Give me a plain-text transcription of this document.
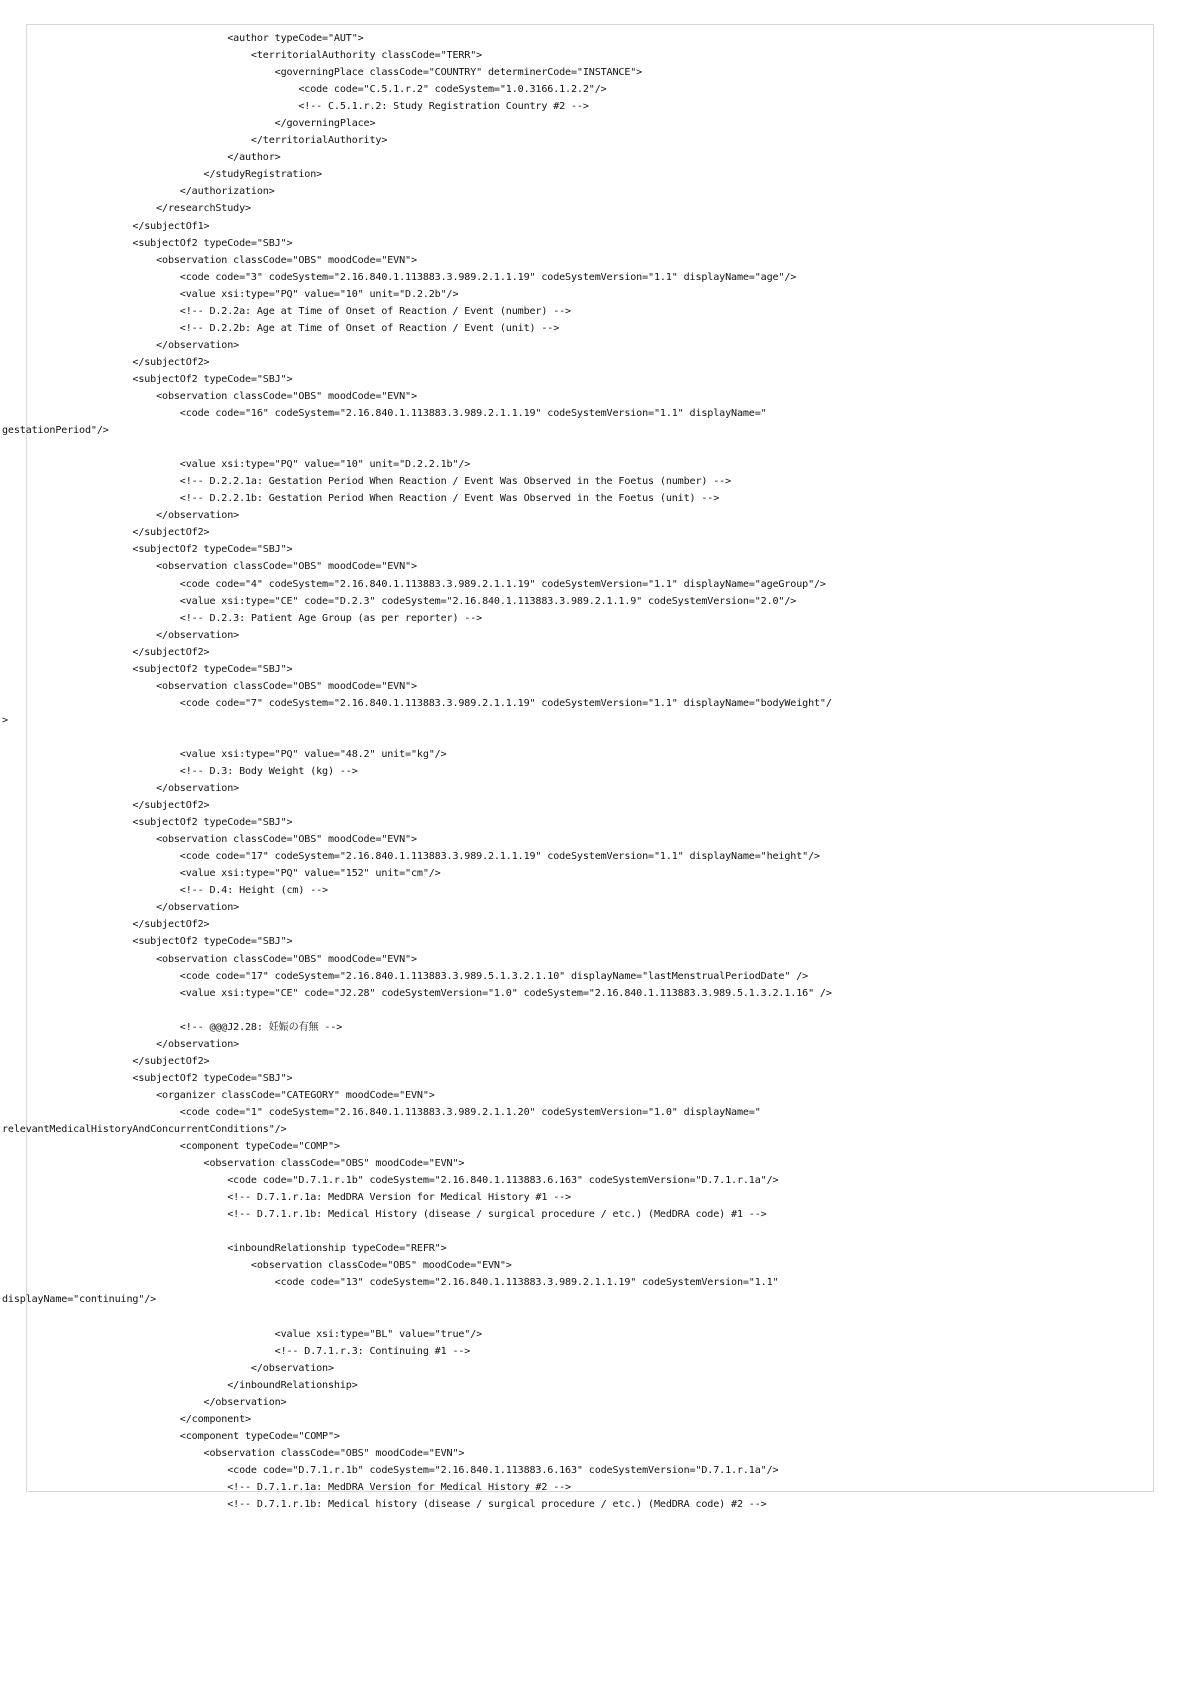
<author typeCode="AUT">
<territorialAuthority classCode="TERR">
<governingPlace classCode="COUNTRY" determinerCode="INSTANCE">
<code code="C.5.1.r.2" codeSystem="1.0.3166.1.2.2"/>
<!-- C.5.1.r.2: Study Registration Country #2 -->
</governingPlace>
</territorialAuthority>
</author>
</studyRegistration>
</authorization>
</researchStudy>
</subjectOf1>
<subjectOf2 typeCode="SBJ">
<observation classCode="OBS" moodCode="EVN">
<code code="3" codeSystem="2.16.840.1.113883.3.989.2.1.1.19" codeSystemVersion="1.1" displayName="age"/>
<value xsi:type="PQ" value="10" unit="D.2.2b"/>
<!-- D.2.2a: Age at Time of Onset of Reaction / Event (number) -->
<!-- D.2.2b: Age at Time of Onset of Reaction / Event (unit) -->
</observation>
</subjectOf2>
<subjectOf2 typeCode="SBJ">
<observation classCode="OBS" moodCode="EVN">
<code code="16" codeSystem="2.16.840.1.113883.3.989.2.1.1.19" codeSystemVersion="1.1" displayName="
gestationPeriod"/>

<value xsi:type="PQ" value="10" unit="D.2.2.1b"/>
<!-- D.2.2.1a: Gestation Period When Reaction / Event Was Observed in the Foetus (number) -->
<!-- D.2.2.1b: Gestation Period When Reaction / Event Was Observed in the Foetus (unit) -->
</observation>
</subjectOf2>
<subjectOf2 typeCode="SBJ">
<observation classCode="OBS" moodCode="EVN">
<code code="4" codeSystem="2.16.840.1.113883.3.989.2.1.1.19" codeSystemVersion="1.1" displayName="ageGroup"/>
<value xsi:type="CE" code="D.2.3" codeSystem="2.16.840.1.113883.3.989.2.1.1.9" codeSystemVersion="2.0"/>
<!-- D.2.3: Patient Age Group (as per reporter) -->
</observation>
</subjectOf2>
<subjectOf2 typeCode="SBJ">
<observation classCode="OBS" moodCode="EVN">
<code code="7" codeSystem="2.16.840.1.113883.3.989.2.1.1.19" codeSystemVersion="1.1" displayName="bodyWeight"/
>

<value xsi:type="PQ" value="48.2" unit="kg"/>
<!-- D.3: Body Weight (kg) -->
</observation>
</subjectOf2>
<subjectOf2 typeCode="SBJ">
<observation classCode="OBS" moodCode="EVN">
<code code="17" codeSystem="2.16.840.1.113883.3.989.2.1.1.19" codeSystemVersion="1.1" displayName="height"/>
<value xsi:type="PQ" value="152" unit="cm"/>
<!-- D.4: Height (cm) -->
</observation>
</subjectOf2>
<subjectOf2 typeCode="SBJ">
<observation classCode="OBS" moodCode="EVN">
<code code="17" codeSystem="2.16.840.1.113883.3.989.5.1.3.2.1.10" displayName="lastMenstrualPeriodDate" />
<value xsi:type="CE" code="J2.28" codeSystemVersion="1.0" codeSystem="2.16.840.1.113883.3.989.5.1.3.2.1.16" />

<!-- @@@J2.28: 妊娠の有無 -->
</observation>
</subjectOf2>
<subjectOf2 typeCode="SBJ">
<organizer classCode="CATEGORY" moodCode="EVN">
<code code="1" codeSystem="2.16.840.1.113883.3.989.2.1.1.20" codeSystemVersion="1.0" displayName="
relevantMedicalHistoryAndConcurrentConditions"/>
<component typeCode="COMP">
<observation classCode="OBS" moodCode="EVN">
<code code="D.7.1.r.1b" codeSystem="2.16.840.1.113883.6.163" codeSystemVersion="D.7.1.r.1a"/>
<!-- D.7.1.r.1a: MedDRA Version for Medical History #1 -->
<!-- D.7.1.r.1b: Medical History (disease / surgical procedure / etc.) (MedDRA code) #1 -->

<inboundRelationship typeCode="REFR">
<observation classCode="OBS" moodCode="EVN">
<code code="13" codeSystem="2.16.840.1.113883.3.989.2.1.1.19" codeSystemVersion="1.1"
displayName="continuing"/>

<value xsi:type="BL" value="true"/>
<!-- D.7.1.r.3: Continuing #1 -->
</observation>
</inboundRelationship>
</observation>
</component>
<component typeCode="COMP">
<observation classCode="OBS" moodCode="EVN">
<code code="D.7.1.r.1b" codeSystem="2.16.840.1.113883.6.163" codeSystemVersion="D.7.1.r.1a"/>
<!-- D.7.1.r.1a: MedDRA Version for Medical History #2 -->
<!-- D.7.1.r.1b: Medical history (disease / surgical procedure / etc.) (MedDRA code) #2 -->
